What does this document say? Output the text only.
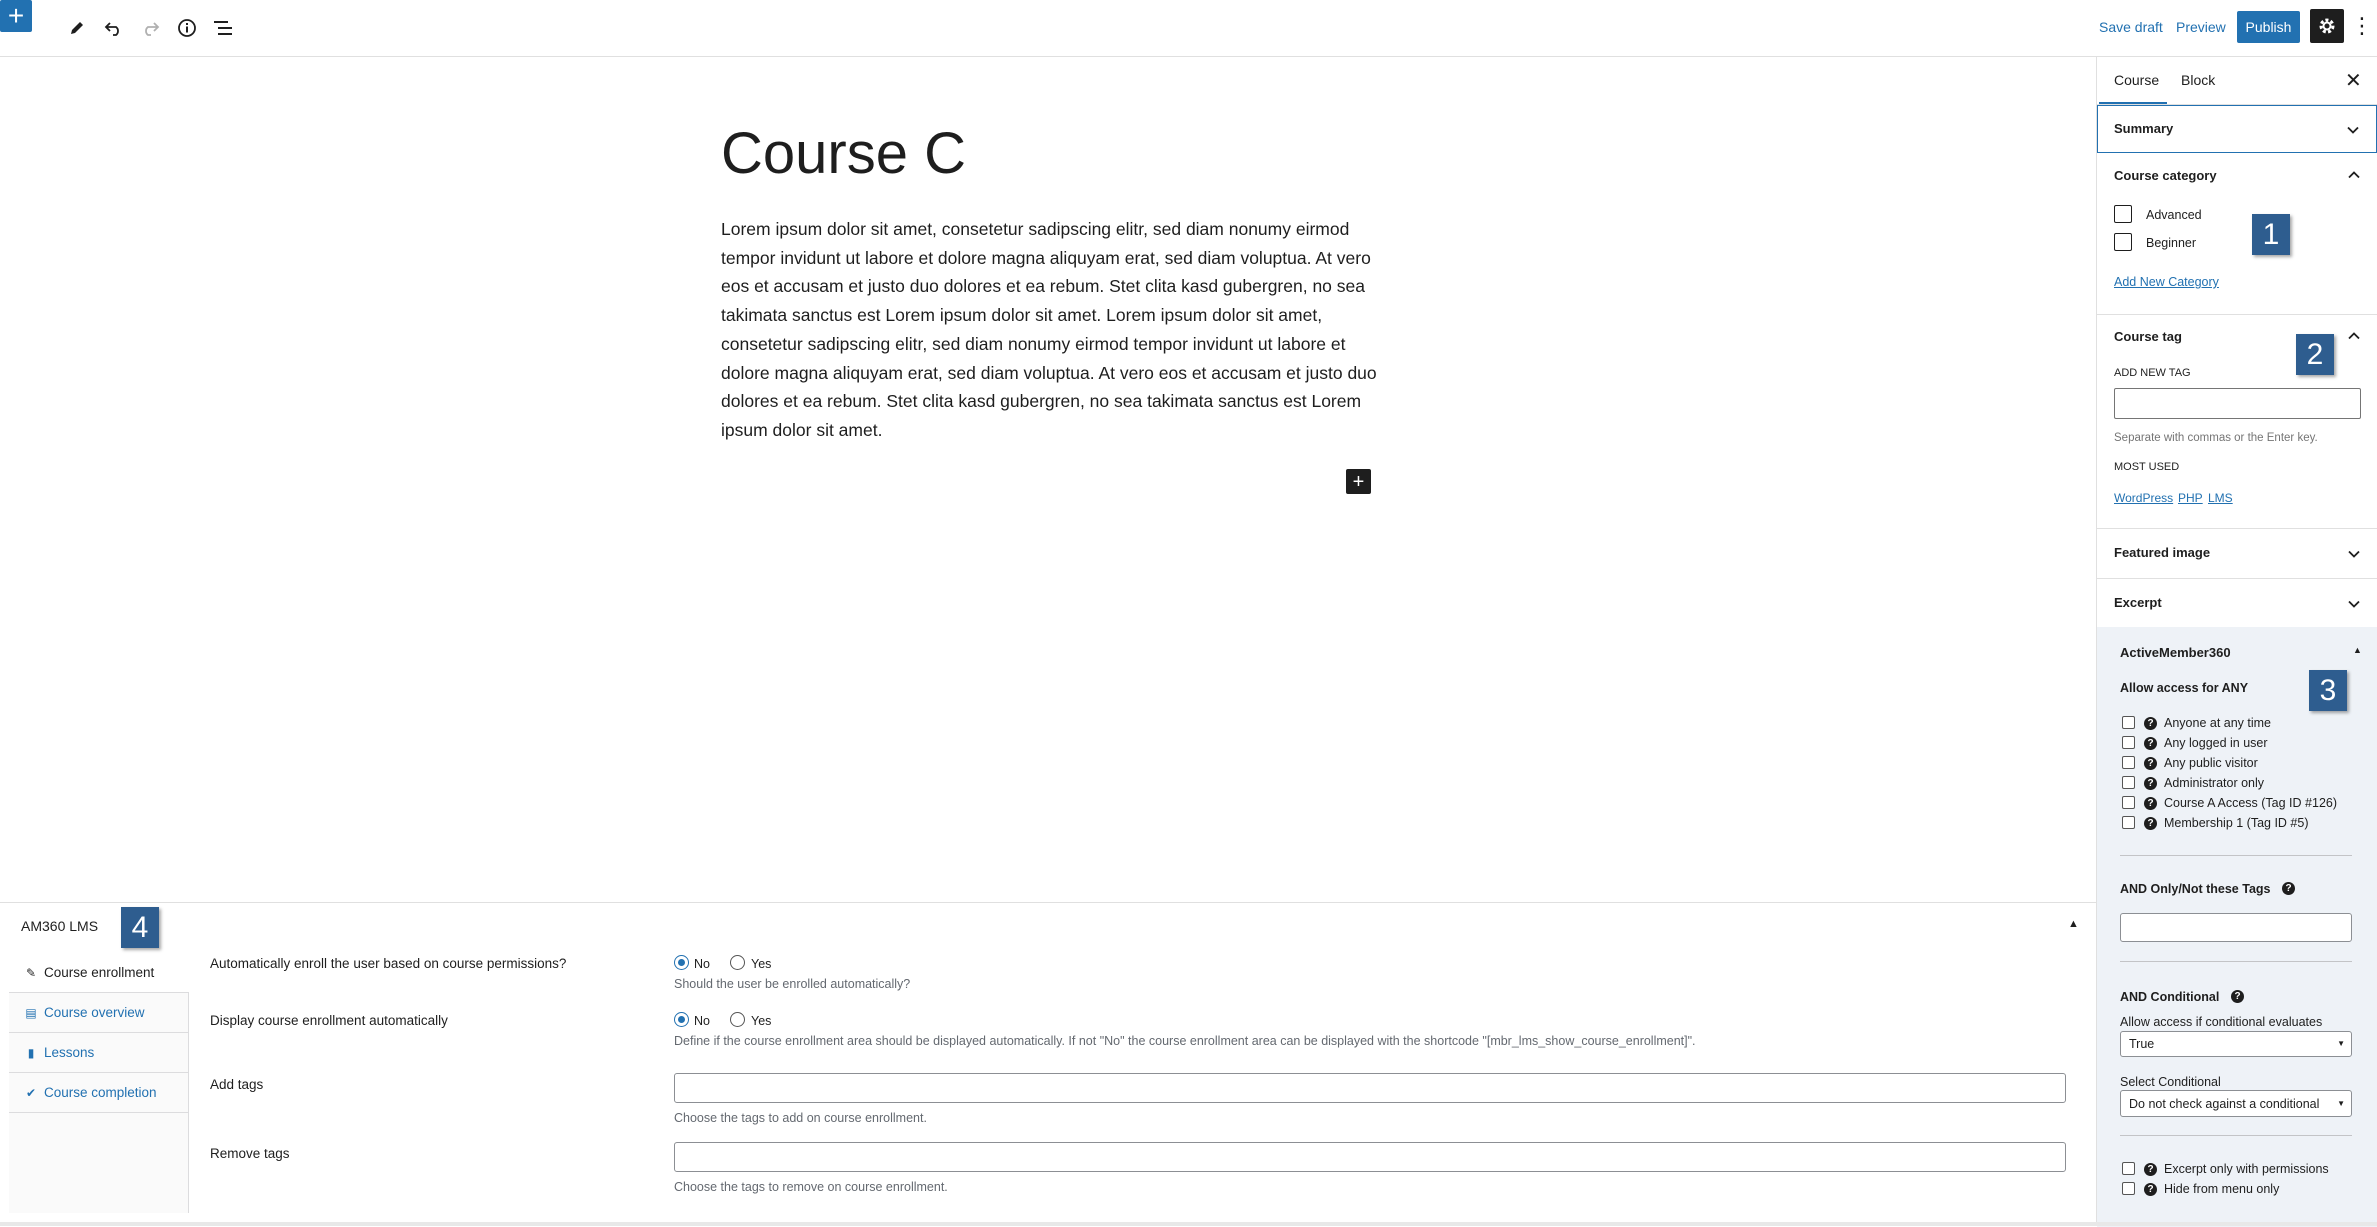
+	Save draft Preview	Publish	⋮
Course C

Lorem ipsum dolor sit amet, consetetur sadipscing elitr, sed diam nonumy eirmod tempor invidunt ut labore et dolore magna aliquyam erat, sed diam voluptua. At vero eos et accusam et justo duo dolores et ea rebum. Stet clita kasd gubergren, no sea takimata sanctus est Lorem ipsum dolor sit amet. Lorem ipsum dolor sit amet, consetetur sadipscing elitr, sed diam nonumy eirmod tempor invidunt ut labore et dolore magna aliquyam erat, sed diam voluptua. At vero eos et accusam et justo duo dolores et ea rebum. Stet clita kasd gubergren, no sea takimata sanctus est Lorem ipsum dolor sit amet.

+
Course Block	✕
Summary
Course category
Advanced
Beginner
Add New Category
Course tag
ADD NEW TAG
Separate with commas or the Enter key.
MOST USED
WordPress PHP LMS
Featured image
Excerpt
ActiveMember360	▲
Allow access for ANY
? Anyone at any time
? Any logged in user
? Any public visitor
? Administrator only
? Course A Access (Tag ID #126)
? Membership 1 (Tag ID #5)
AND Only/Not these Tags	?
AND Conditional	?
Allow access if conditional evaluates
True	▼
Select Conditional
Do not check against a conditional ▼
? Excerpt only with permissions
? Hide from menu only
1
2
3
AM360 LMS	▲
✎ Course enrollment
▤ Course overview
▮ Lessons
✔ Course completion
Automatically enroll the user based on course permissions?	No	Yes
Should the user be enrolled automatically?
Display course enrollment automatically	No	Yes
Define if the course enrollment area should be displayed automatically. If not "No" the course enrollment area can be displayed with the shortcode "[mbr_lms_show_course_enrollment]".
Add tags
Choose the tags to add on course enrollment.
Remove tags
Choose the tags to remove on course enrollment.
4
